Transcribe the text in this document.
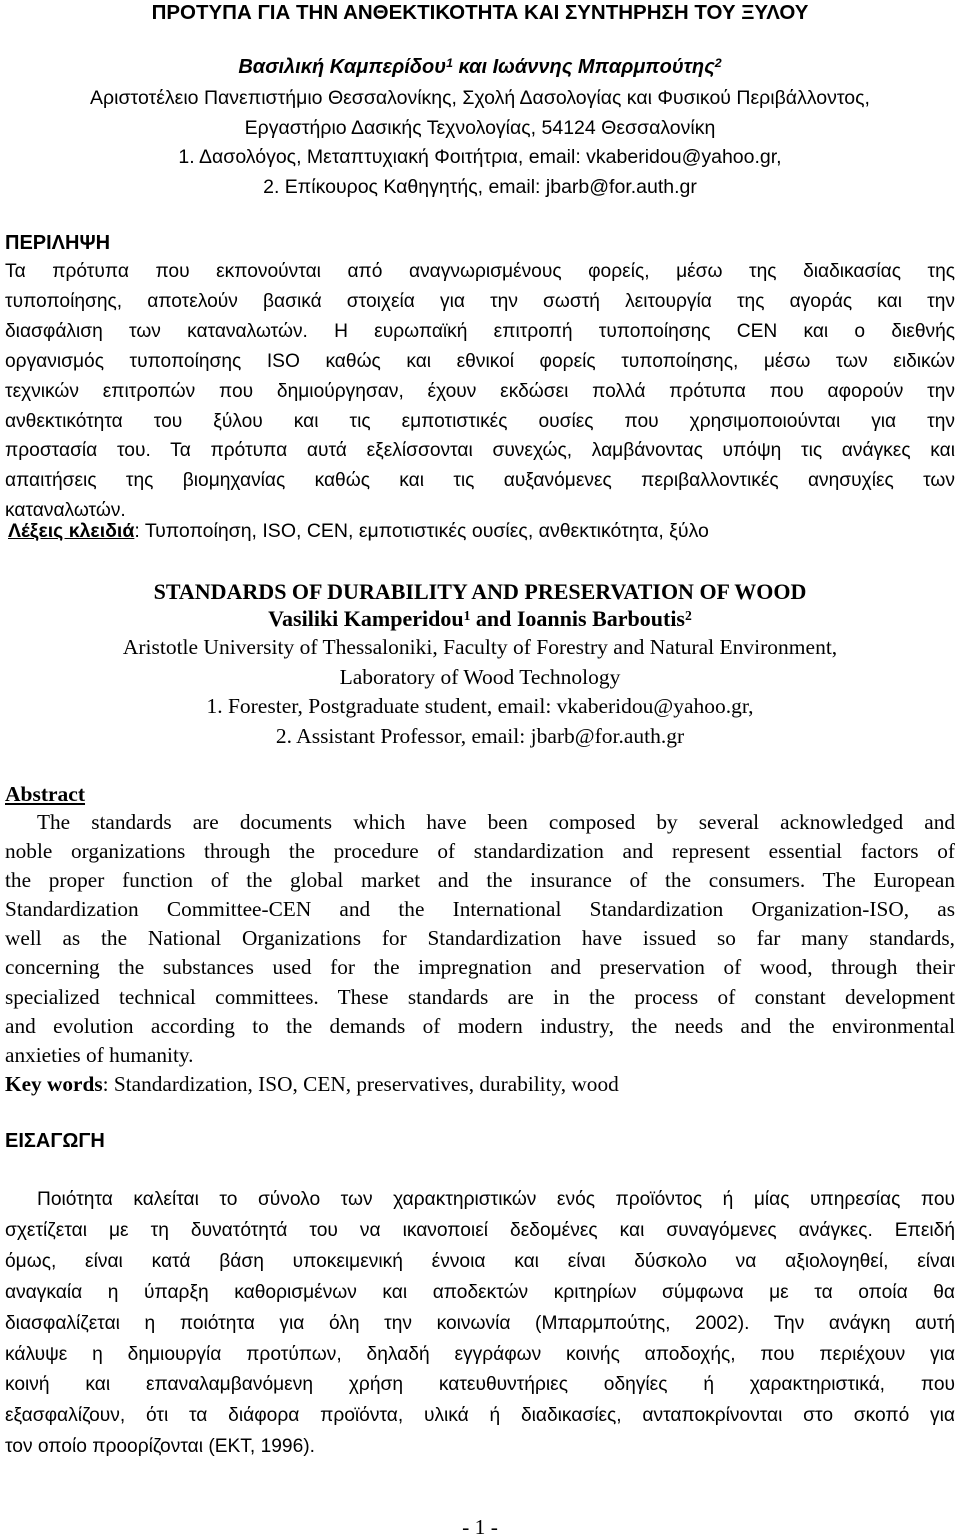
ΠΡΟΤΥΠΑ ΓΙΑ ΤΗΝ ΑΝΘΕΚΤΙΚΟΤΗΤΑ ΚΑΙ ΣΥΝΤΗΡΗΣΗ ΤΟΥ ΞΥΛΟΥ
Βασιλική Καμπερίδου$^1$ και Ιωάννης Μπαρμπούτης$^2$
Αριστοτέλειο Πανεπιστήμιο Θεσσαλονίκης, Σχολή Δασολογίας και Φυσικού Περιβάλλοντος,
Εργαστήριο Δασικής Τεχνολογίας, 54124 Θεσσαλονίκη
1. Δασολόγος, Μεταπτυχιακή Φοιτήτρια, email: vkaberidou@yahoo.gr,
2. Επίκουρος Καθηγητής, email: jbarb@for.auth.gr
ΠΕΡΙΛΗΨΗ

Τα πρότυπα που εκπονούνται από αναγνωρισμένους φορείς, μέσω της διαδικασίας της

τυποποίησης, αποτελούν βασικά στοιχεία για την σωστή λειτουργία της αγοράς και την

διασφάλιση των καταναλωτών. Η ευρωπαϊκή επιτροπή τυποποίησης CEN και ο διεθνής

οργανισμός τυποποίησης ISO καθώς και εθνικοί φορείς τυποποίησης, μέσω των ειδικών

τεχνικών επιτροπών που δημιούργησαν, έχουν εκδώσει πολλά πρότυπα που αφορούν την

ανθεκτικότητα του ξύλου και τις εμποτιστικές ουσίες που χρησιμοποιούνται για την

προστασία του. Τα πρότυπα αυτά εξελίσσονται συνεχώς, λαμβάνοντας υπόψη τις ανάγκες και

απαιτήσεις της βιομηχανίας καθώς και τις αυξανόμενες περιβαλλοντικές ανησυχίες των

καταναλωτών.

Λέξεις κλειδιά: Τυποποίηση, ISO, CEN, εμποτιστικές ουσίες, ανθεκτικότητα, ξύλο
STANDARDS OF DURABILITY AND PRESERVATION OF WOOD
Vasiliki Kamperidou$^1$ and Ioannis Barboutis$^2$
Aristotle University of Thessaloniki, Faculty of Forestry and Natural Environment,
Laboratory of Wood Technology
1. Forester, Postgraduate student, email: vkaberidou@yahoo.gr,
2. Assistant Professor, email: jbarb@for.auth.gr
Abstract

The standards are documents which have been composed by several acknowledged and

noble organizations through the procedure of standardization and represent essential factors of

the proper function of the global market and the insurance of the consumers. The European

Standardization Committee-CEN and the International Standardization Organization-ISO, as

well as the National Organizations for Standardization have issued so far many standards,

concerning the substances used for the impregnation and preservation of wood, through their

specialized technical committees. These standards are in the process of constant development

and evolution according to the demands of modern industry, the needs and the environmental

anxieties of humanity.

Key words: Standardization, ISO, CEN, preservatives, durability, wood
ΕΙΣΑΓΩΓΗ

Ποιότητα καλείται το σύνολο των χαρακτηριστικών ενός προϊόντος ή μίας υπηρεσίας που

σχετίζεται με τη δυνατότητά του να ικανοποιεί δεδομένες και συναγόμενες ανάγκες. Επειδή

όμως, είναι κατά βάση υποκειμενική έννοια και είναι δύσκολο να αξιολογηθεί, είναι

αναγκαία η ύπαρξη καθορισμένων και αποδεκτών κριτηρίων σύμφωνα με τα οποία θα

διασφαλίζεται η ποιότητα για όλη την κοινωνία (Μπαρμπούτης, 2002). Την ανάγκη αυτή

κάλυψε η δημιουργία προτύπων, δηλαδή εγγράφων κοινής αποδοχής, που περιέχουν για

κοινή και επαναλαμβανόμενη χρήση κατευθυντήριες οδηγίες ή χαρακτηριστικά, που

εξασφαλίζουν, ότι τα διάφορα προϊόντα, υλικά ή διαδικασίες, ανταποκρίνονται στο σκοπό για

τον οποίο προορίζονται (ΕΚΤ, 1996).

- 1 -
